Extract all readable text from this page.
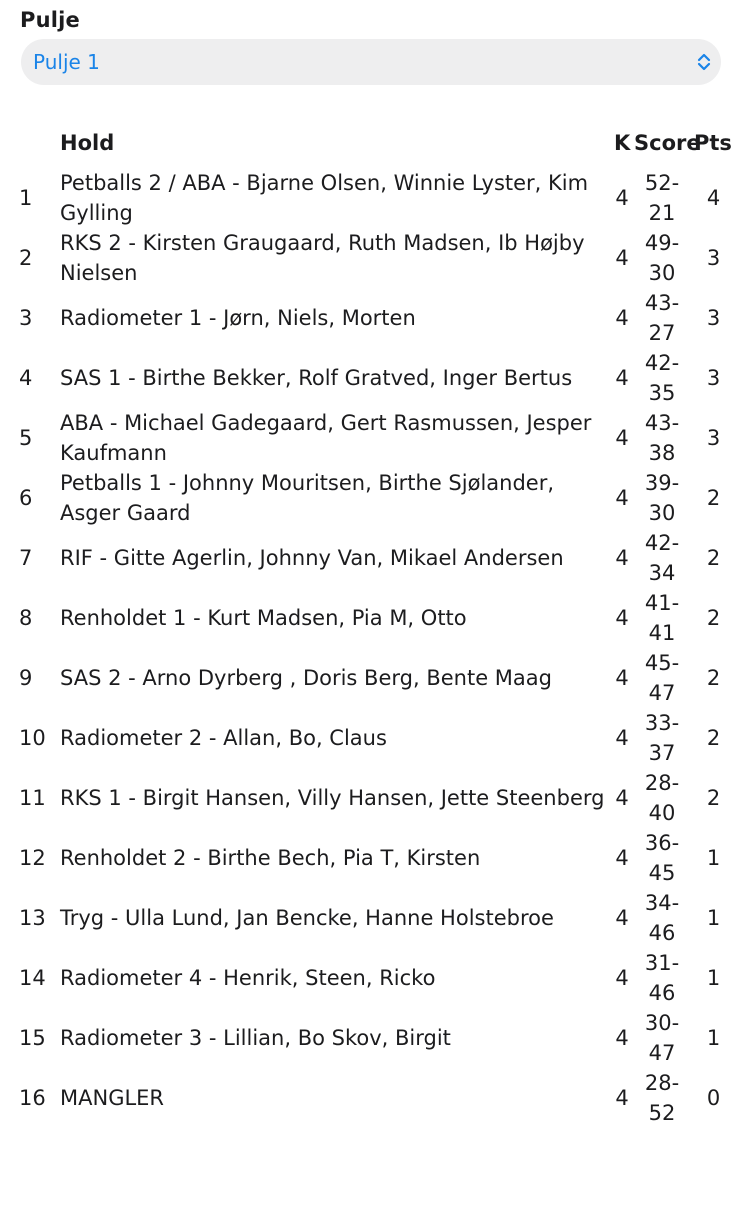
Pulje
Pulje 1
	Hold	K	Score	Pts
1	Petballs 2 / ABA - Bjarne Olsen, Winnie Lyster, Kim Gylling	4	52-21	4
2	RKS 2 - Kirsten Graugaard, Ruth Madsen, Ib Højby Nielsen	4	49-30	3
3	Radiometer 1 - Jørn, Niels, Morten	4	43-27	3
4	SAS 1 - Birthe Bekker, Rolf Gratved, Inger Bertus	4	42-35	3
5	ABA - Michael Gadegaard, Gert Rasmussen, Jesper Kaufmann	4	43-38	3
6	Petballs 1 - Johnny Mouritsen, Birthe Sjølander, Asger Gaard	4	39-30	2
7	RIF - Gitte Agerlin, Johnny Van, Mikael Andersen	4	42-34	2
8	Renholdet 1 - Kurt Madsen, Pia M, Otto	4	41-41	2
9	SAS 2 - Arno Dyrberg , Doris Berg, Bente Maag	4	45-47	2
10	Radiometer 2 - Allan, Bo, Claus	4	33-37	2
11	RKS 1 - Birgit Hansen, Villy Hansen, Jette Steenberg	4	28-40	2
12	Renholdet 2 - Birthe Bech, Pia T, Kirsten	4	36-45	1
13	Tryg - Ulla Lund, Jan Bencke, Hanne Holstebroe	4	34-46	1
14	Radiometer 4 - Henrik, Steen, Ricko	4	31-46	1
15	Radiometer 3 - Lillian, Bo Skov, Birgit	4	30-47	1
16	MANGLER	4	28-52	0
